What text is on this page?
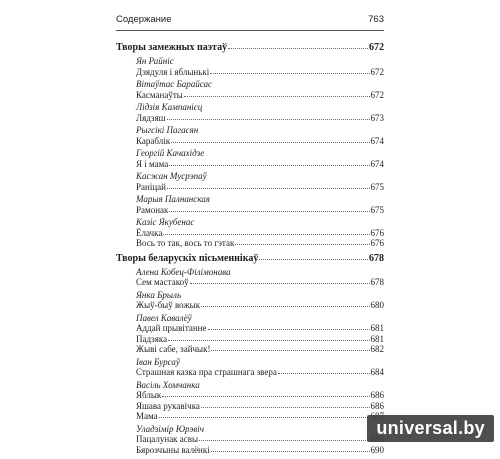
Содержание	763
Творы замежных паэтаў	672
Ян Райніс
Дзядуля і яблынькі	672
Вітаўтас Барайсас
Касманаўты	672
Лідзія Кампанієц
Лядзяш	673
Рыгсікі Пагасян
Караблік	674
Георгій Качахідзе
Я і мама	674
Касжан Мусрэпаў
Раніцай	675
Марыя Палнанская
Рамонак	675
Казіс Якубенас
Ёлачка	676
Вось то так, вось то гэтак	676
Творы беларускіх пісьменнікаў	678
Алена Кобец-Філімонава
Сем мастакоў	678
Янка Брыль
Жыў-быў вожык	680
Павел Кавалёў
Аддай прывітанне	681
Падзяка	681
Жыві сабе, зайчык!	682
Іван Бурсаў
Страшная казка пра страшнага звера	684
Васіль Хомчанка
Яблык	686
Яшава рукавічка	686
Мама
Уладзімір Юрэвіч
Пацалунак асвы
Бярозчыны валёнкі	690
universal.by
